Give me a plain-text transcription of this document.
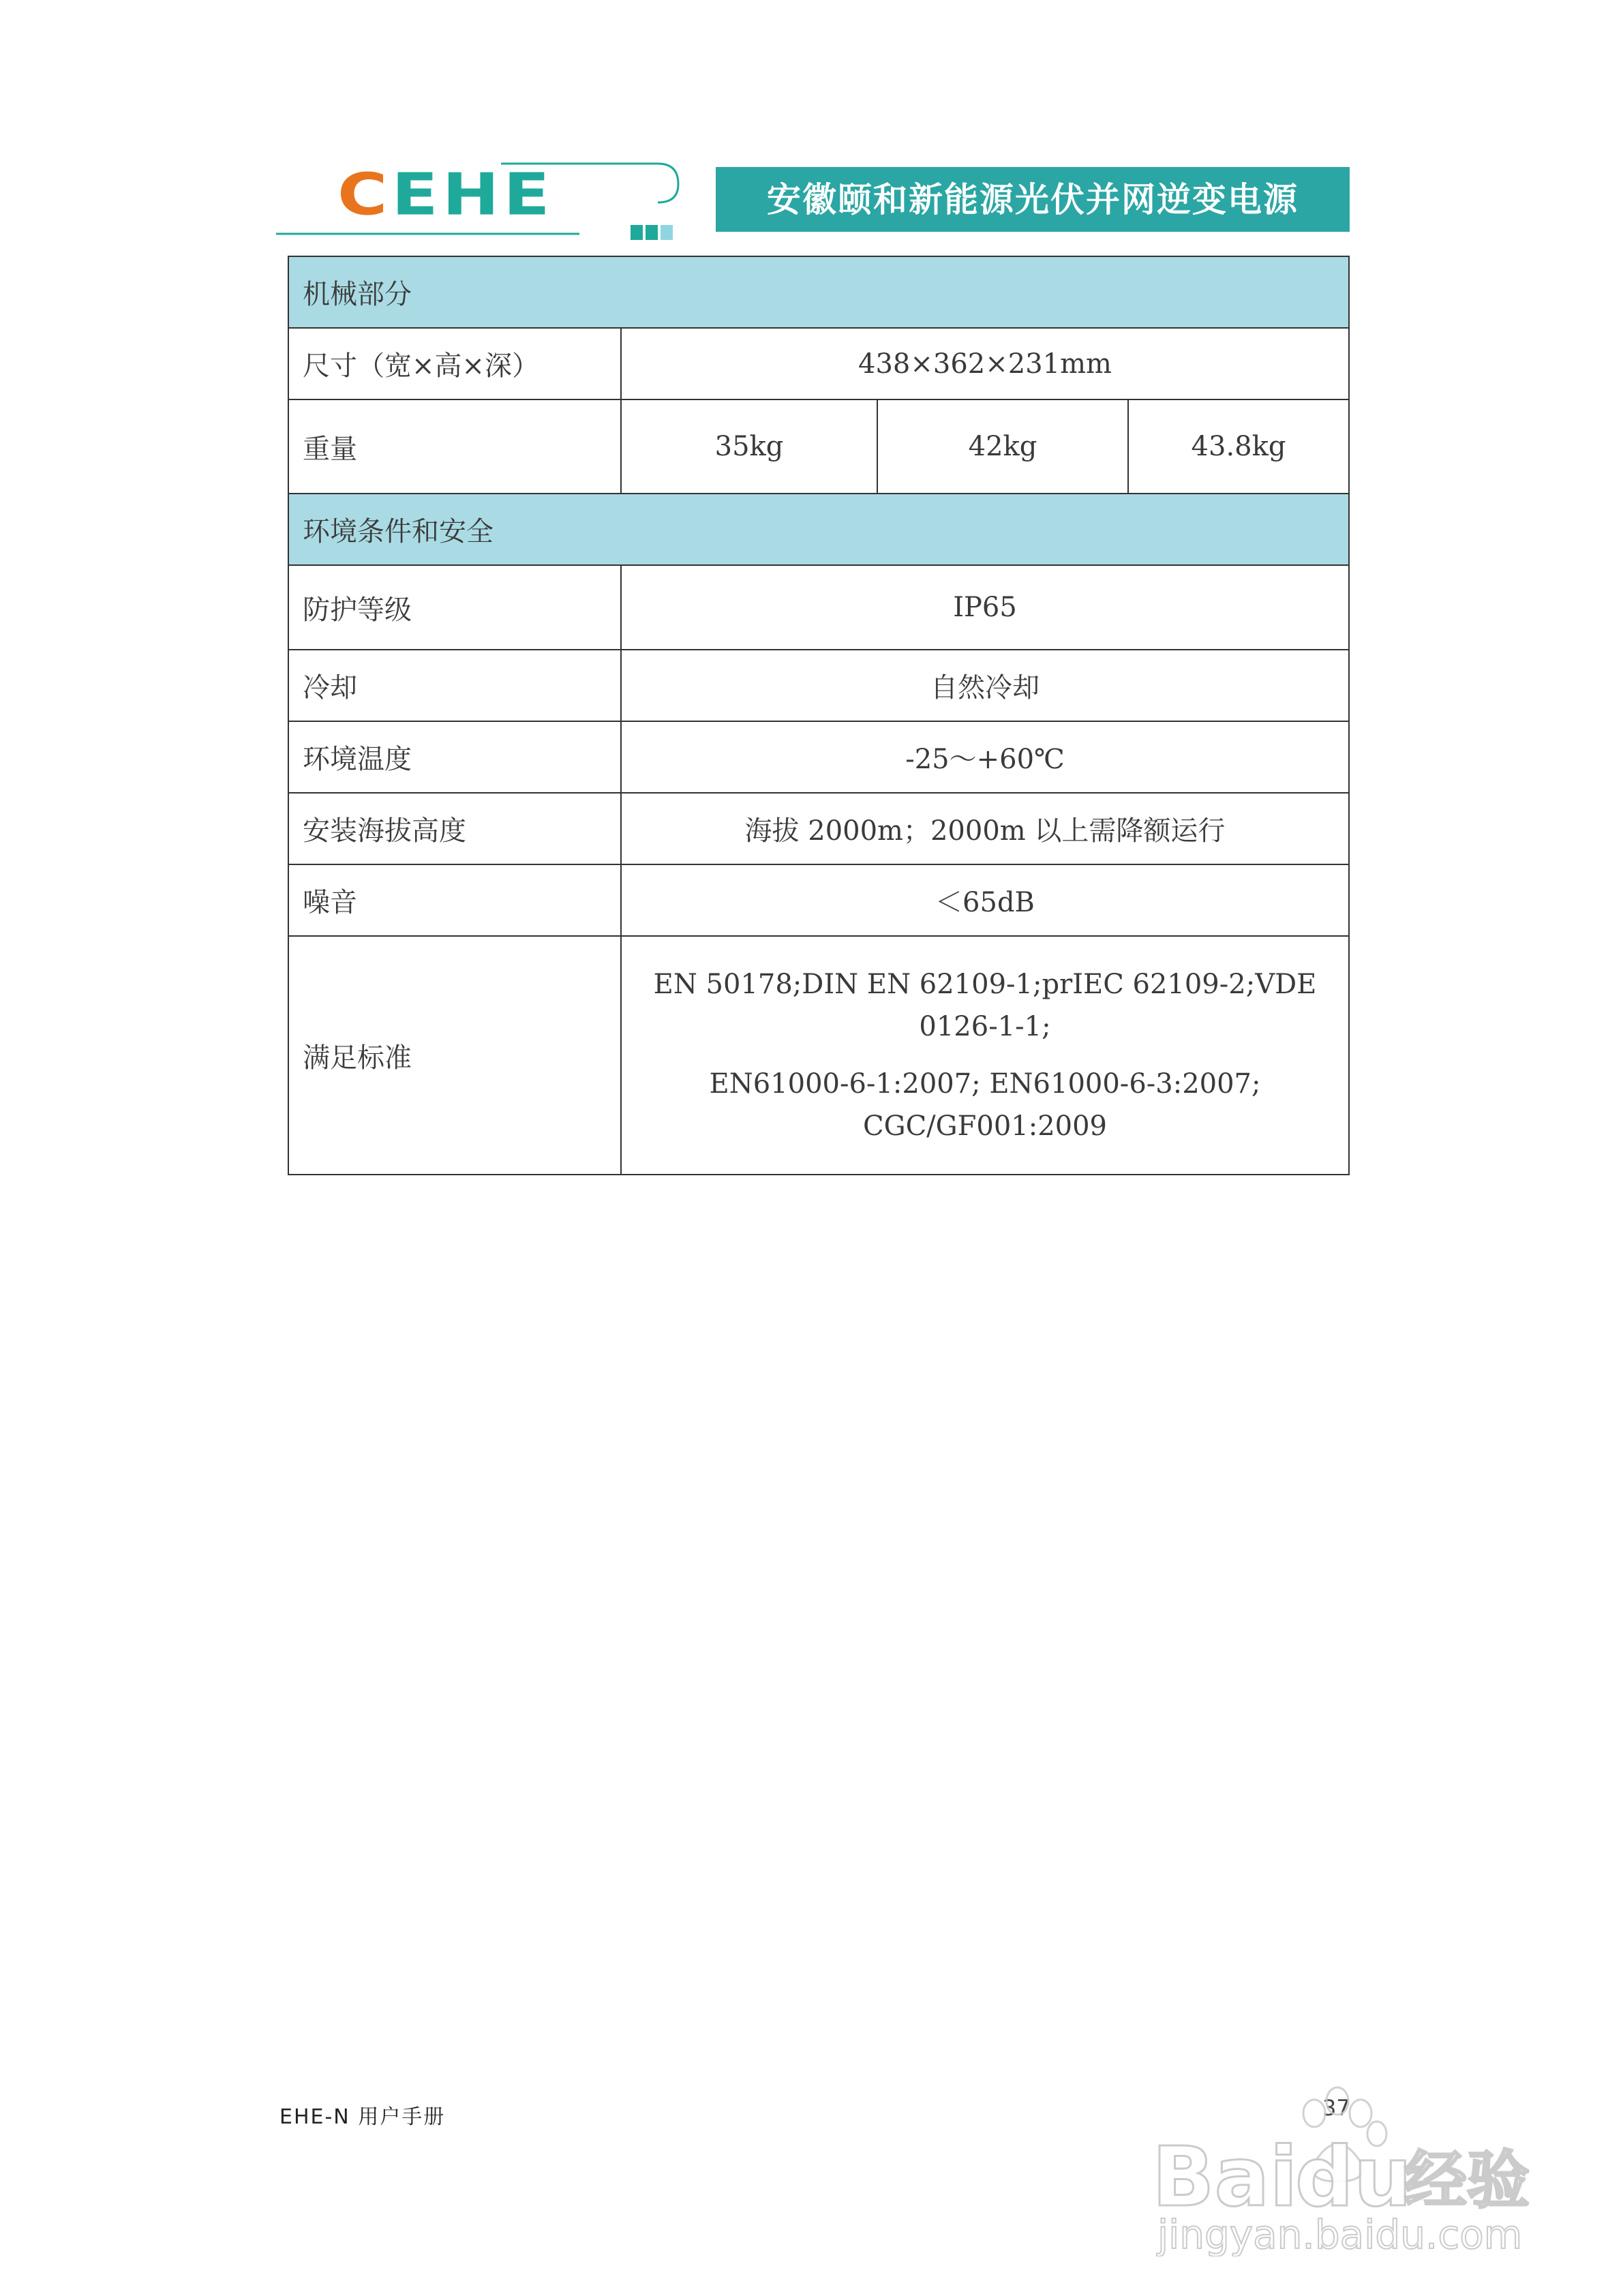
CEHE	安徽颐和新能源光伏并网逆变电源
机械部分			
尺寸（宽×高×深）	438×362×231mm		
重量	35kg	42kg	43.8kg
环境条件和安全			
防护等级	IP65		
冷却	自然冷却		
环境温度	-25～+60℃		
安装海拔高度	海拔 2000m；2000m 以上需降额运行		
噪音	＜65dB		
满足标准	EN 50178;DIN EN 62109-1;prIEC 62109-2;VDE
0126-1-1;
EN61000-6-1:2007; EN61000-6-3:2007;
CGC/GF001:2009		
EHE-N 用户手册	37
Bai
du
经验
jingyan.baidu.com
